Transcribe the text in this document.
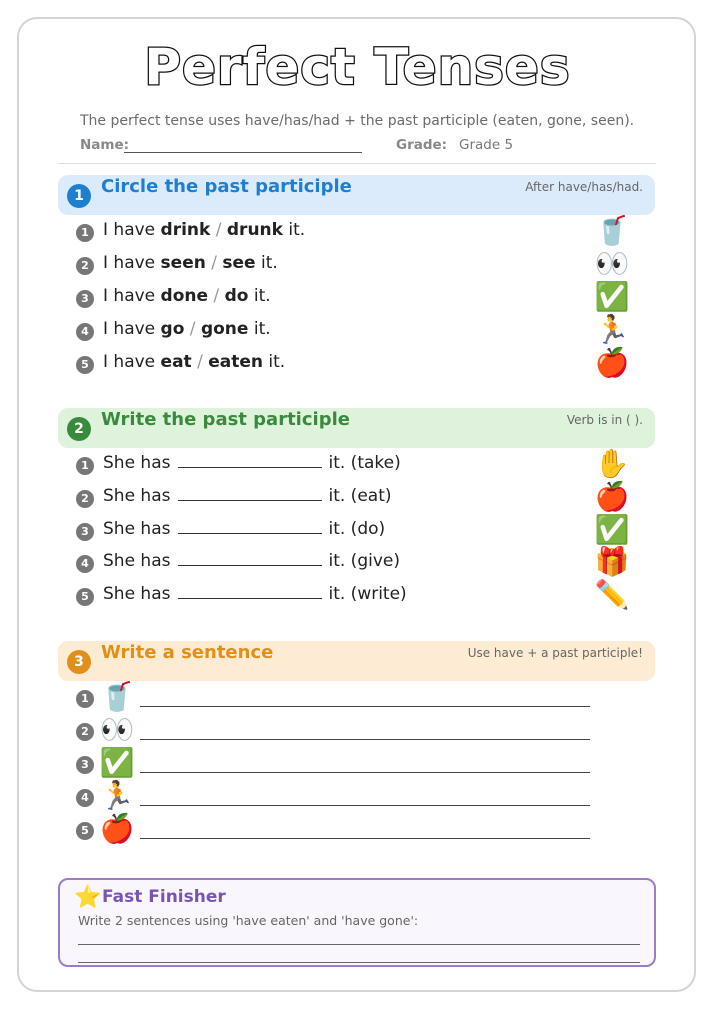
Perfect Tenses
The perfect tense uses have/has/had + the past participle (eaten, gone, seen).
Name:	Grade: Grade 5
1 Circle the past participle	After have/has/had.
1 I have drink / drunk it.	🥤
2 I have seen / see it.	👀
3 I have done / do it.	✅
4 I have go / gone it.	🏃
5 I have eat / eaten it.	🍎
2 Write the past participle	Verb is in ( ).
1 She has	it. (take)	✋
2 She has	it. (eat)	🍎
3 She has	it. (do)	✅
4 She has	it. (give)	🎁
5 She has	it. (write)	✏️
3 Write a sentence	Use have + a past participle!
1 🥤
2 👀
3 ✅
4 🏃
5 🍎
⭐ Fast Finisher
Write 2 sentences using 'have eaten' and 'have gone':
